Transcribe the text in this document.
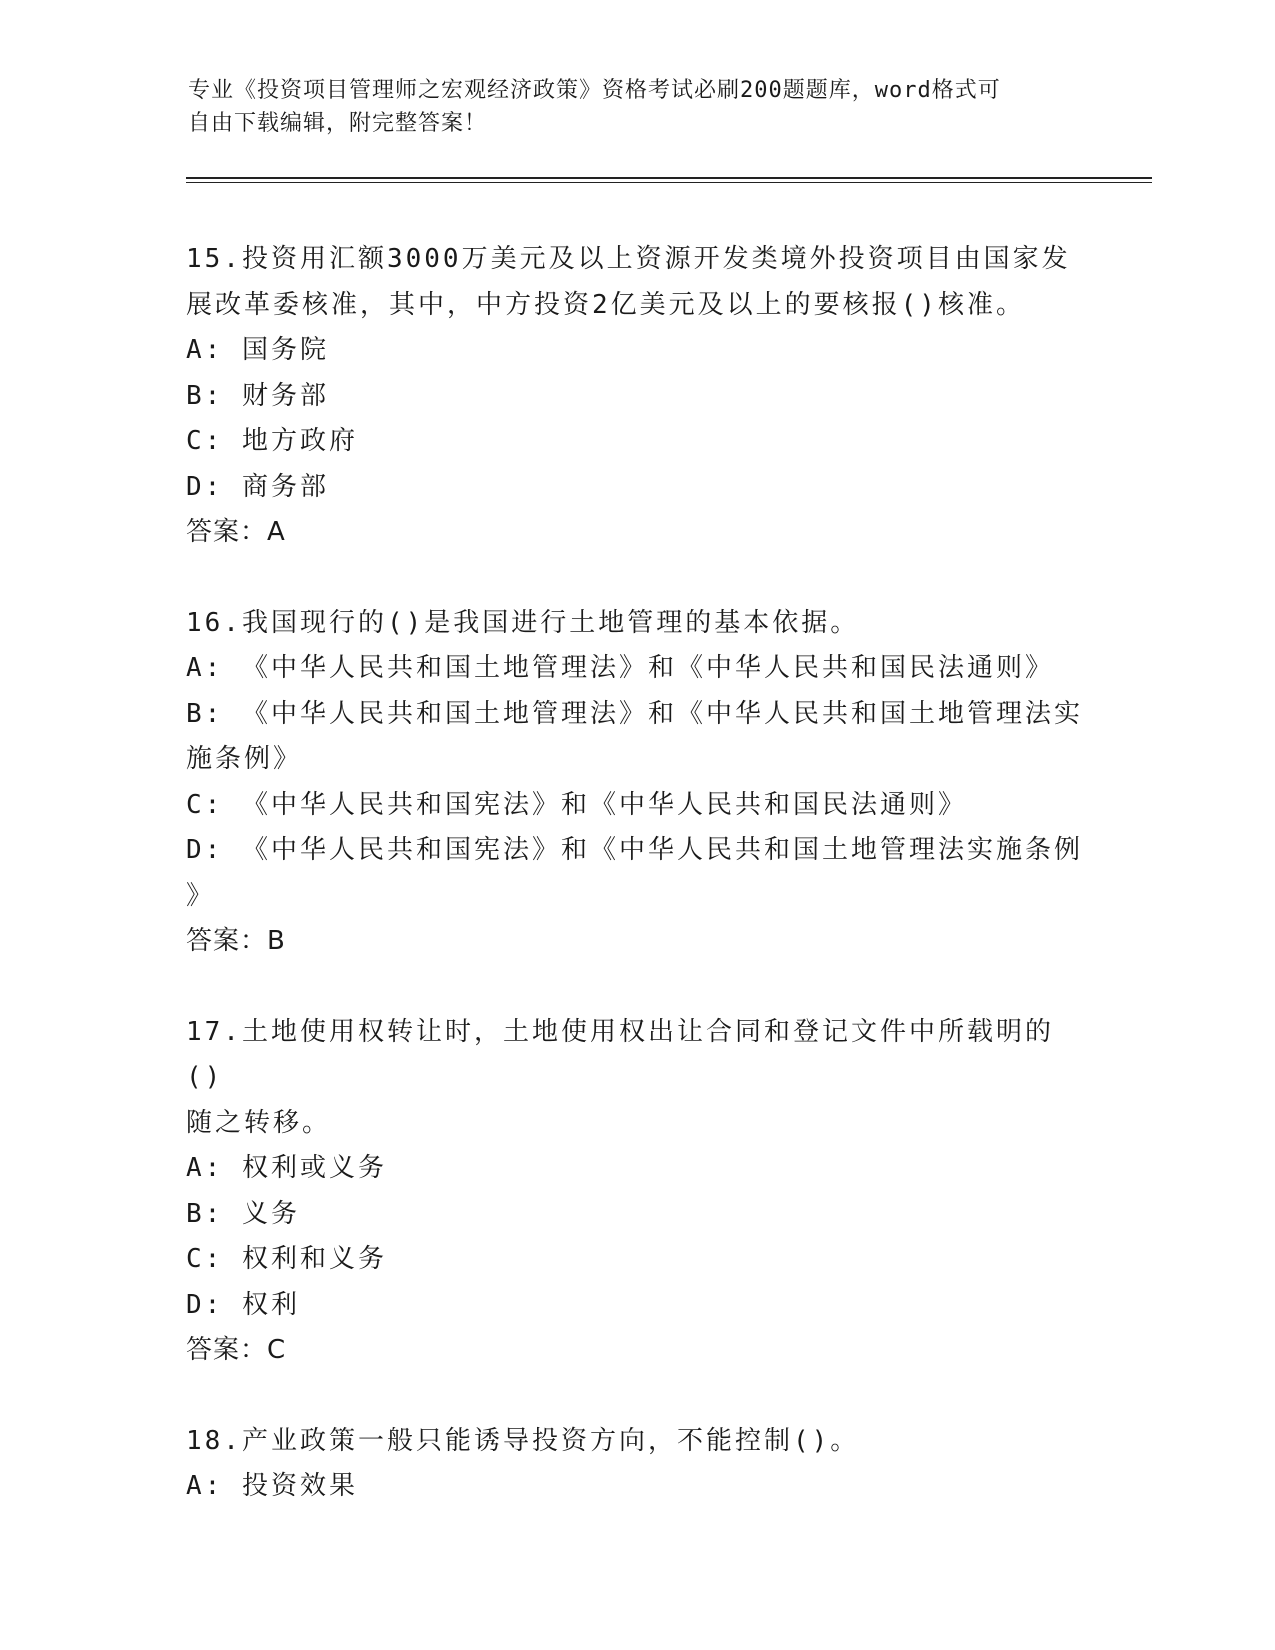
专业《投资项目管理师之宏观经济政策》资格考试必刷200题题库，word格式可
自由下载编辑，附完整答案！
15.投资用汇额3000万美元及以上资源开发类境外投资项目由国家发
展改革委核准，其中，中方投资2亿美元及以上的要核报()核准。
A: 国务院
B: 财务部
C: 地方政府
D: 商务部
答案：A
16.我国现行的()是我国进行土地管理的基本依据。
A: 《中华人民共和国土地管理法》和《中华人民共和国民法通则》
B: 《中华人民共和国土地管理法》和《中华人民共和国土地管理法实
施条例》
C: 《中华人民共和国宪法》和《中华人民共和国民法通则》
D: 《中华人民共和国宪法》和《中华人民共和国土地管理法实施条例
》
答案：B
17.土地使用权转让时，土地使用权出让合同和登记文件中所载明的()
随之转移。
A: 权利或义务
B: 义务
C: 权利和义务
D: 权利
答案：C
18.产业政策一般只能诱导投资方向，不能控制()。
A: 投资效果
